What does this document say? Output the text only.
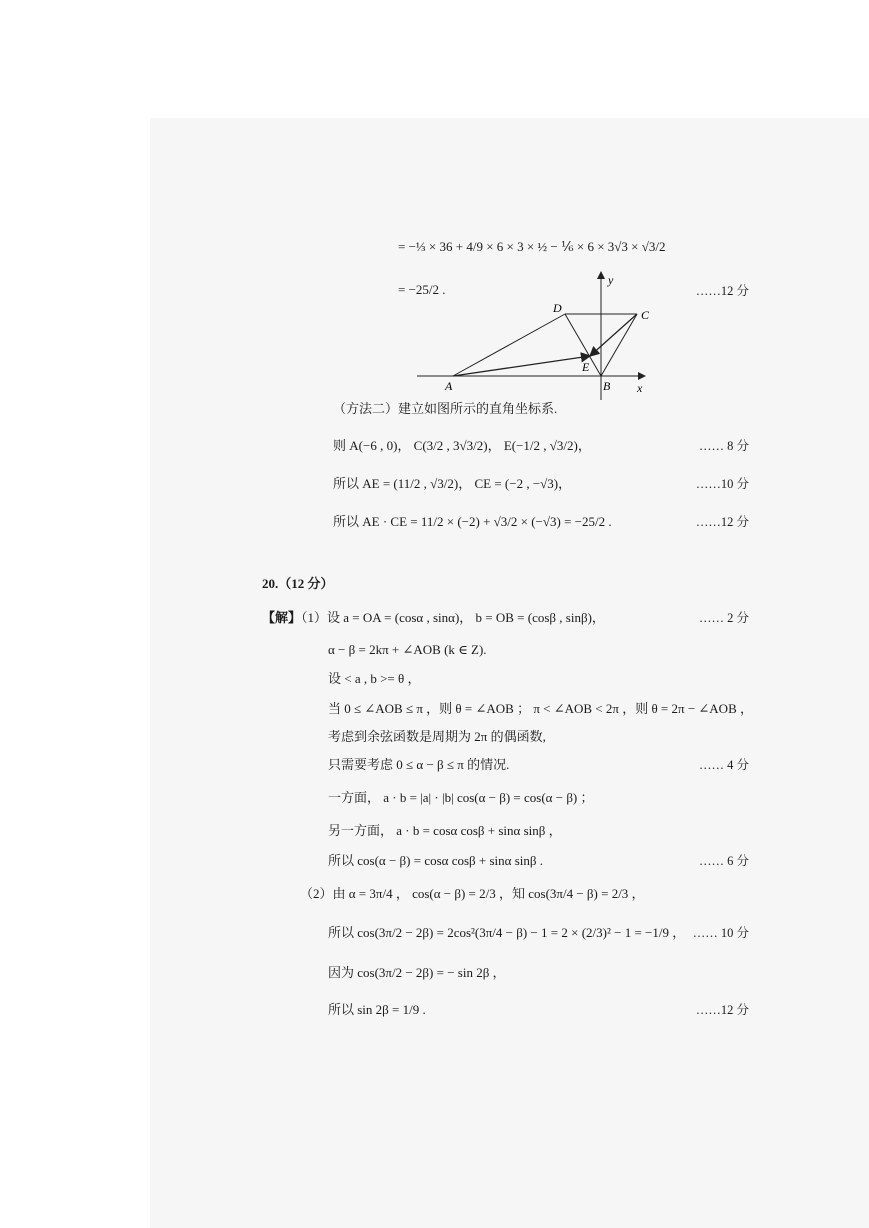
= −⅓ × 36 + 4/9 × 6 × 3 × ½ − ⅙ × 6 × 3√3 × √3/2
= −25/2 .	……12 分
y
D	C
E
A	B x
（方法二）建立如图所示的直角坐标系.
则 A(−6 , 0)， C(3/2 , 3√3/2)， E(−1/2 , √3/2)，	…… 8 分
所以 AE = (11/2 , √3/2)， CE = (−2 , −√3)，	……10 分
所以 AE · CE = 11/2 × (−2) + √3/2 × (−√3) = −25/2 .	……12 分
20.（12 分）
【解】（1）设 a = OA = (cosα , sinα)， b = OB = (cosβ , sinβ)，	…… 2 分
α − β = 2kπ + ∠AOB (k ∈ Z).
设 < a , b >= θ ，
当 0 ≤ ∠AOB ≤ π ，则 θ = ∠AOB ； π < ∠AOB < 2π ，则 θ = 2π − ∠AOB ，
考虑到余弦函数是周期为 2π 的偶函数,
只需要考虑 0 ≤ α − β ≤ π 的情况.	…… 4 分
一方面， a · b = |a| · |b| cos(α − β) = cos(α − β) ；
另一方面， a · b = cosα cosβ + sinα sinβ ，
所以 cos(α − β) = cosα cosβ + sinα sinβ .	…… 6 分
（2）由 α = 3π/4 ， cos(α − β) = 2/3 ，知 cos(3π/4 − β) = 2/3 ，
所以 cos(3π/2 − 2β) = 2cos²(3π/4 − β) − 1 = 2 × (2/3)² − 1 = −1/9 ， …… 10 分
因为 cos(3π/2 − 2β) = − sin 2β ，
所以 sin 2β = 1/9 .	……12 分
